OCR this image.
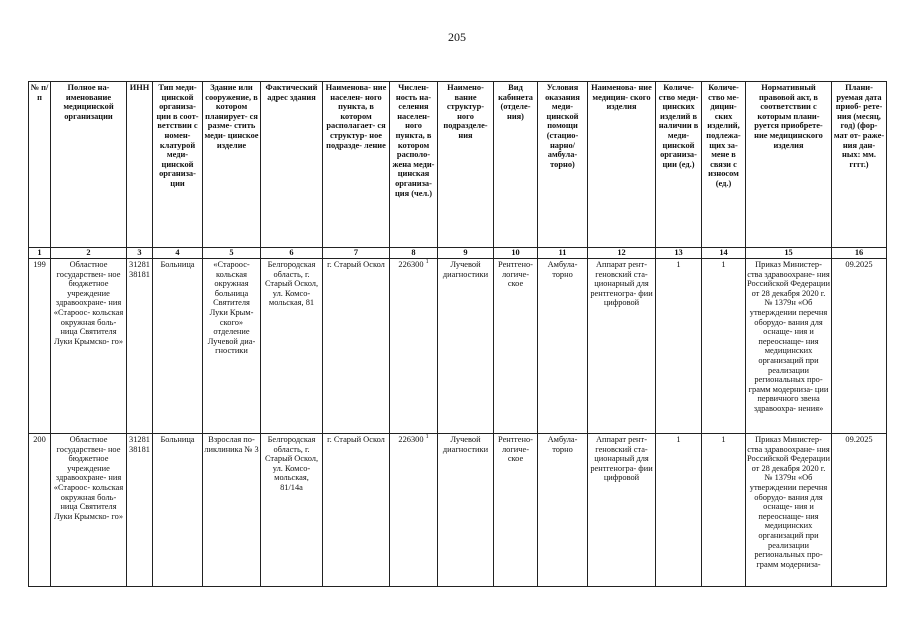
205
№ п/п	Полное на- именование медицинской организации	ИНН	Тип меди- цинской организа- ции в соот- ветствии с номен- клатурой меди- цинской организа- ции	Здание или сооружение, в котором планирует- ся размe- стить меди- цинское изделие	Фактический адрес здания	Наименова- ние населен- ного пункта, в котором располагает- ся структур- ное подразде- ление	Числен- ность на- селения населен- ного пункта, в котором располо- жена меди- цинская организа- ция (чел.)	Наимено- вание структур- ного подразделе- ния	Вид кабинета (отделе- ния)	Условия оказания меди- цинской помощи (стацио- нарно/ амбула- торно)	Наименова- ние медицин- ского изделия	Количе- ство меди- цинских изделий в наличии в меди- цинской организа- ции (ед.)	Количе- ство ме- дицин- ских изделий, подлежа- щих за- мене в связи с износом (ед.)	Нормативный правовой акт, в соответствии с которым плани- руется приобрете- ние медицинского изделия	Плани- руемая дата приоб- рете- ния (месяц, год) (фор- мат от- раже- ния дан- ных: мм. гггг.)
1	2	3	4	5	6	7	8	9	10	11	12	13	14	15	16
199	Областное государствен- ное бюджетное учреждение здравоохране- ния «Староос- кольская окружная боль- ница Святителя Луки Крымско- го»	31281 38181	Больница	«Староос- кольская окружная больница Святителя Луки Крым- ского» отделение Лучевой диа- гностики	Белгородская область, г. Старый Оскол, ул. Комсо- мольская, 81	г. Старый Оскол	226300 $^1$	Лучевой диагностики	Рентгено- логиче- ское	Амбула- торно	Аппарат рент- геновский ста- ционарный для рентгеногра- фии цифровой	1	1	Приказ Министер- ства здравоохране- ния Российской Федерации от 28 декабря 2020 г. № 1379н «Об утверждении перечня оборудо- вания для оснаще- ния и переоснаще- ния медицинских организаций при реализации региональных про- грамм модерниза- ции первичного звена здравоохра- нения»	09.2025
200	Областное государствен- ное бюджетное учреждение здравоохране- ния «Староос- кольская окружная боль- ница Святителя Луки Крымско- го»	31281 38181	Больница	Взрослая по- ликлиника № 3	Белгородская область, г. Старый Оскол, ул. Комсо- мольская, 81/14а	г. Старый Оскол	226300 $^1$	Лучевой диагностики	Рентгено- логиче- ское	Амбула- торно	Аппарат рент- геновский ста- ционарный для рентгеногра- фии цифровой	1	1	Приказ Министер- ства здравоохране- ния Российской Федерации от 28 декабря 2020 г. № 1379н «Об утверждении перечня оборудо- вания для оснаще- ния и переоснаще- ния медицинских организаций при реализации региональных про- грамм модерниза-	09.2025
